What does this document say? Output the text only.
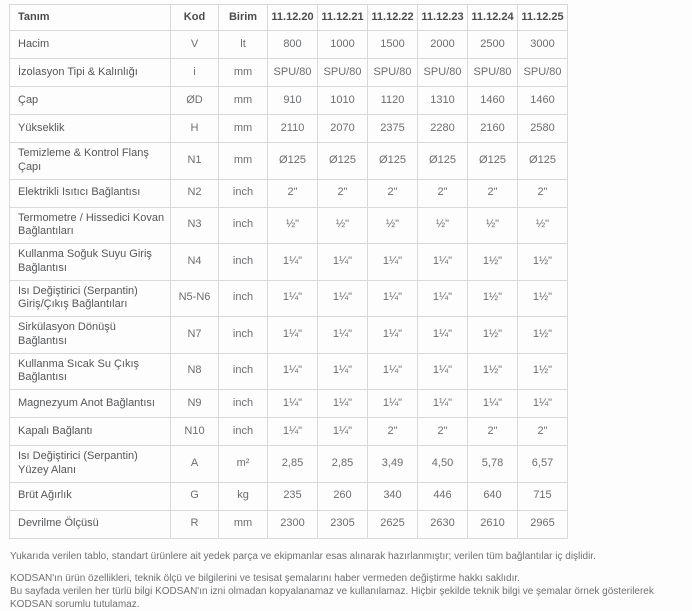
Tanım	Kod	Birim	11.12.20	11.12.21	11.12.22	11.12.23	11.12.24	11.12.25
Hacim	V	lt	800	1000	1500	2000	2500	3000
İzolasyon Tipi & Kalınlığı	i	mm	SPU/80	SPU/80	SPU/80	SPU/80	SPU/80	SPU/80
Çap	ØD	mm	910	1010	1120	1310	1460	1460
Yükseklik	H	mm	2110	2070	2375	2280	2160	2580
Temizleme & Kontrol Flanş Çapı	N1	mm	Ø125	Ø125	Ø125	Ø125	Ø125	Ø125
Elektrikli Isıtıcı Bağlantısı	N2	inch	2"	2"	2"	2"	2"	2"
Termometre / Hissedici Kovan Bağlantıları	N3	inch	½"	½"	½"	½"	½"	½"
Kullanma Soğuk Suyu Giriş Bağlantısı	N4	inch	1¼"	1¼"	1¼"	1¼"	1½"	1½"
Isı Değiştirici (Serpantin) Giriş/Çıkış Bağlantıları	N5-N6	inch	1¼"	1¼"	1¼"	1¼"	1½"	1½"
Sirkülasyon Dönüşü Bağlantısı	N7	inch	1¼"	1¼"	1¼"	1¼"	1½"	1½"
Kullanma Sıcak Su Çıkış Bağlantısı	N8	inch	1¼"	1¼"	1¼"	1¼"	1½"	1½"
Magnezyum Anot Bağlantısı	N9	inch	1¼"	1¼"	1¼"	1¼"	1¼"	1¼"
Kapalı Bağlantı	N10	inch	1¼"	1¼"	2"	2"	2"	2"
Isı Değiştirici (Serpantin) Yüzey Alanı	A	m²	2,85	2,85	3,49	4,50	5,78	6,57
Brüt Ağırlık	G	kg	235	260	340	446	640	715
Devrilme Ölçüsü	R	mm	2300	2305	2625	2630	2610	2965

Yukarıda verilen tablo, standart ürünlere ait yedek parça ve ekipmanlar esas alınarak hazırlanmıştır; verilen tüm bağlantılar iç dişlidir.

KODSAN'ın ürün özellikleri, teknik ölçü ve bilgilerini ve tesisat şemalarını haber vermeden değiştirme hakkı saklıdır.

Bu sayfada verilen her türlü bilgi KODSAN'ın izni olmadan kopyalanamaz ve kullanılamaz. Hiçbir şekilde teknik bilgi ve şemalar örnek gösterilerek KODSAN sorumlu tutulamaz.
